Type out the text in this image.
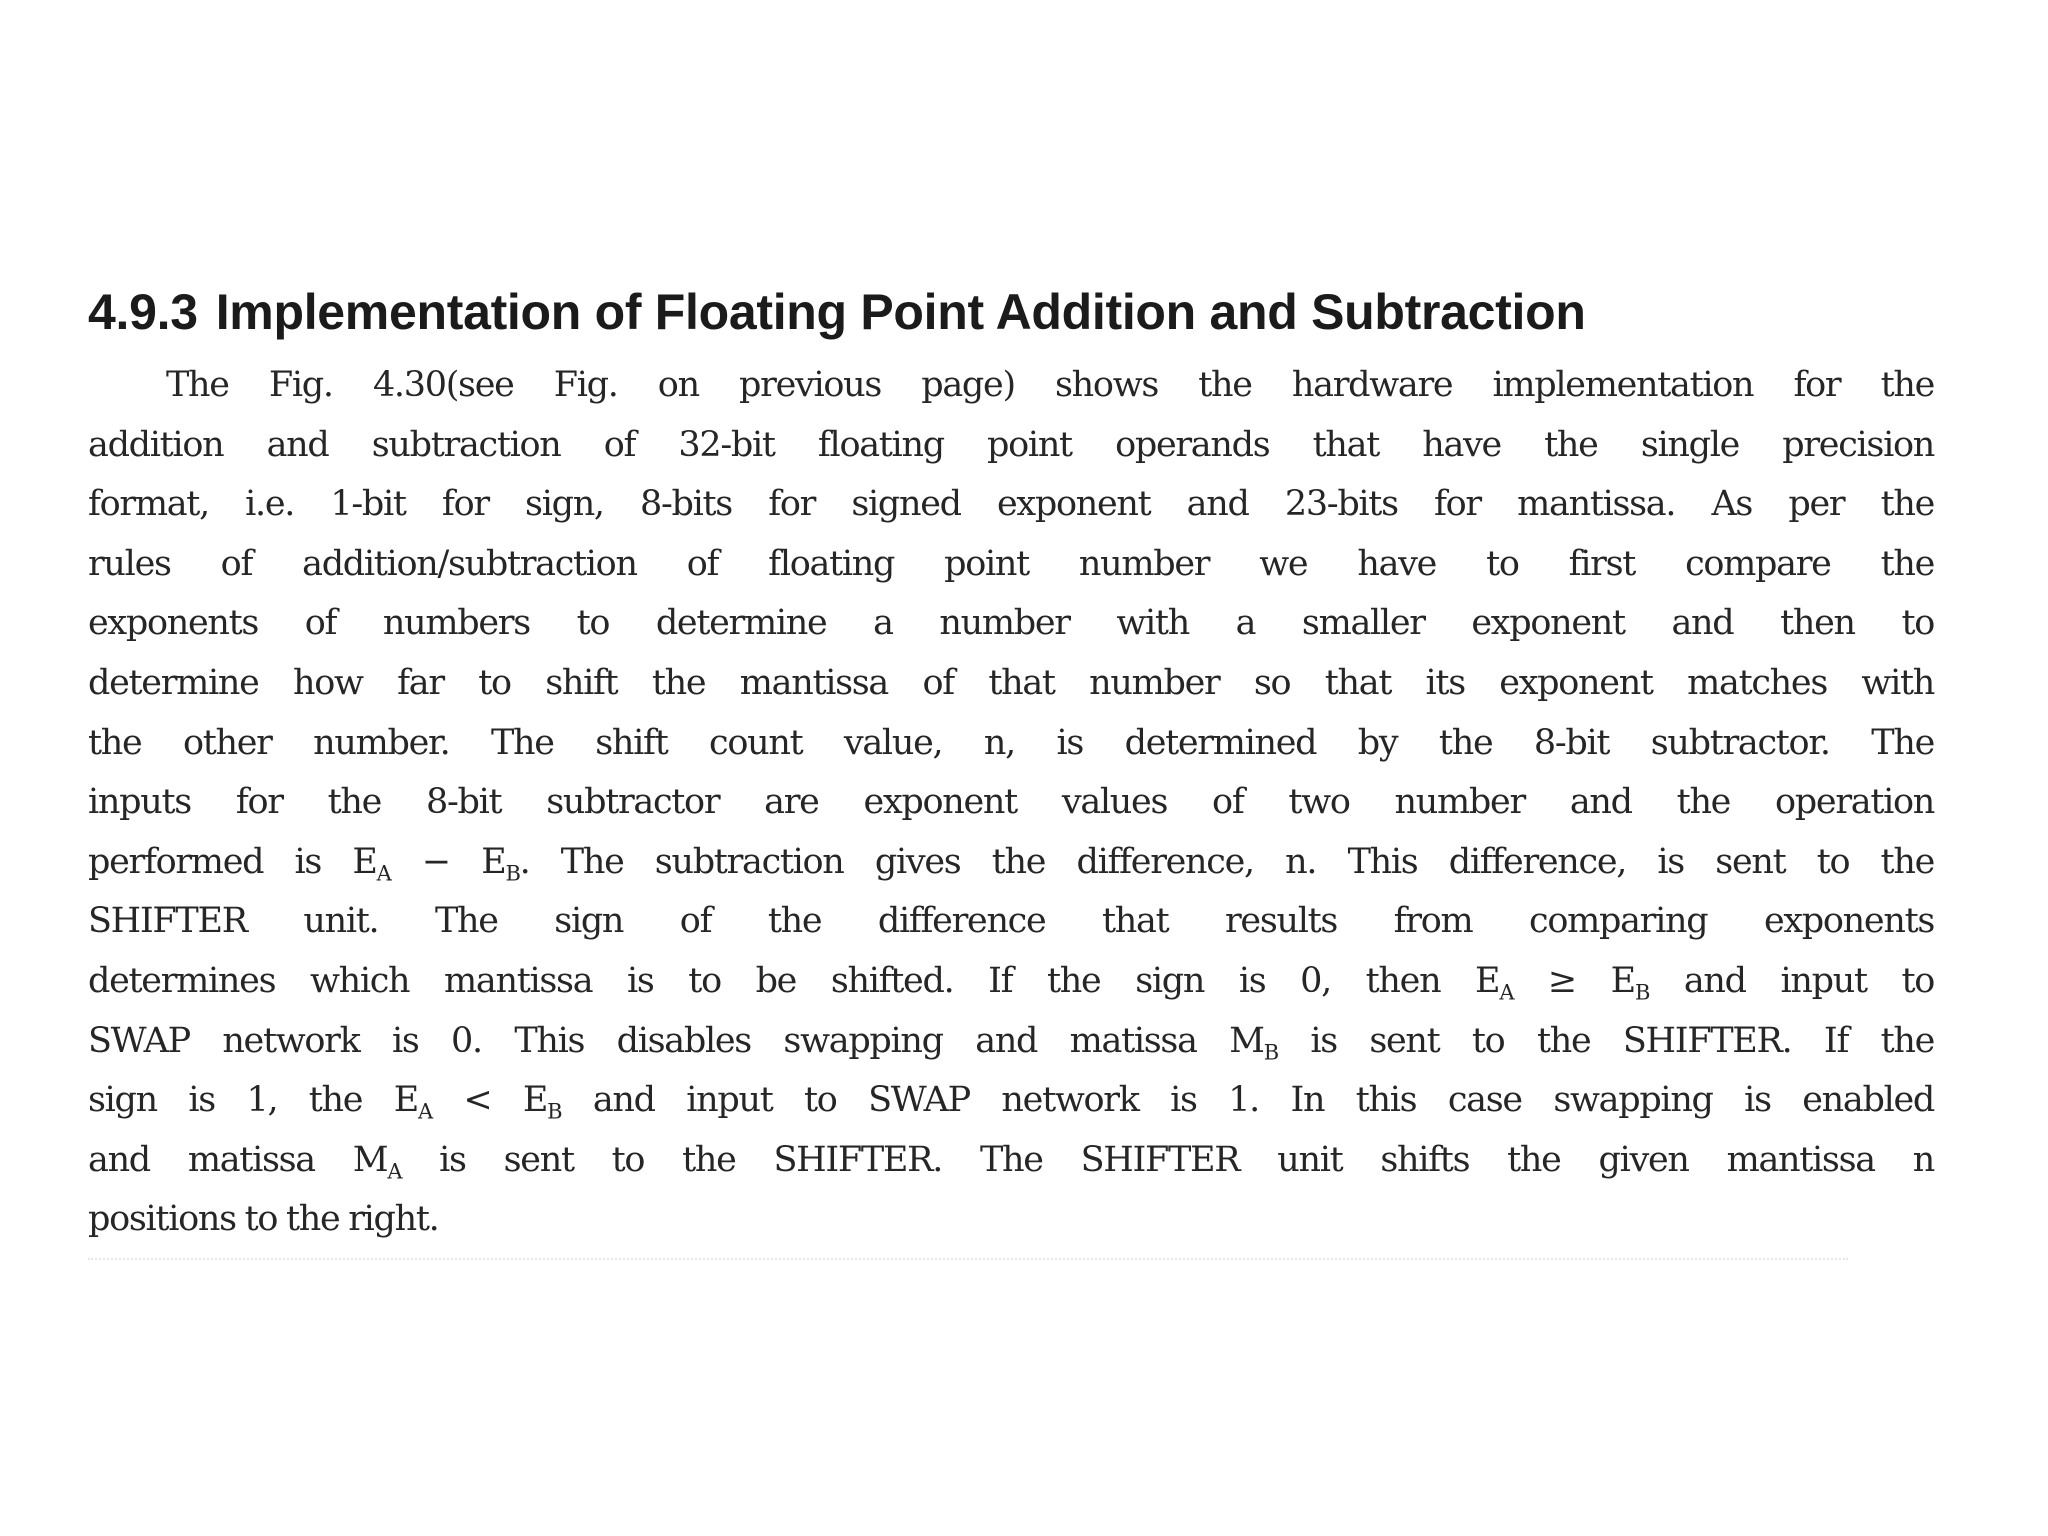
4.9.3 Implementation of Floating Point Addition and Subtraction

The Fig. 4.30(see Fig. on previous page) shows the hardware implementation for the
addition and subtraction of 32-bit floating point operands that have the single precision
format, i.e. 1-bit for sign, 8-bits for signed exponent and 23-bits for mantissa. As per the
rules of addition/subtraction of floating point number we have to first compare the
exponents of numbers to determine a number with a smaller exponent and then to
determine how far to shift the mantissa of that number so that its exponent matches with
the other number. The shift count value, n, is determined by the 8-bit subtractor. The
inputs for the 8-bit subtractor are exponent values of two number and the operation
performed is $E_A - E_B$. The subtraction gives the difference, n. This difference, is sent to the
SHIFTER unit. The sign of the difference that results from comparing exponents
determines which mantissa is to be shifted. If the sign is 0, then $E_A \ge E_B$ and input to
SWAP network is 0. This disables swapping and matissa $M_B$ is sent to the SHIFTER. If the
sign is 1, the $E_A < E_B$ and input to SWAP network is 1. In this case swapping is enabled
and matissa $M_A$ is sent to the SHIFTER. The SHIFTER unit shifts the given mantissa n
positions to the right.
